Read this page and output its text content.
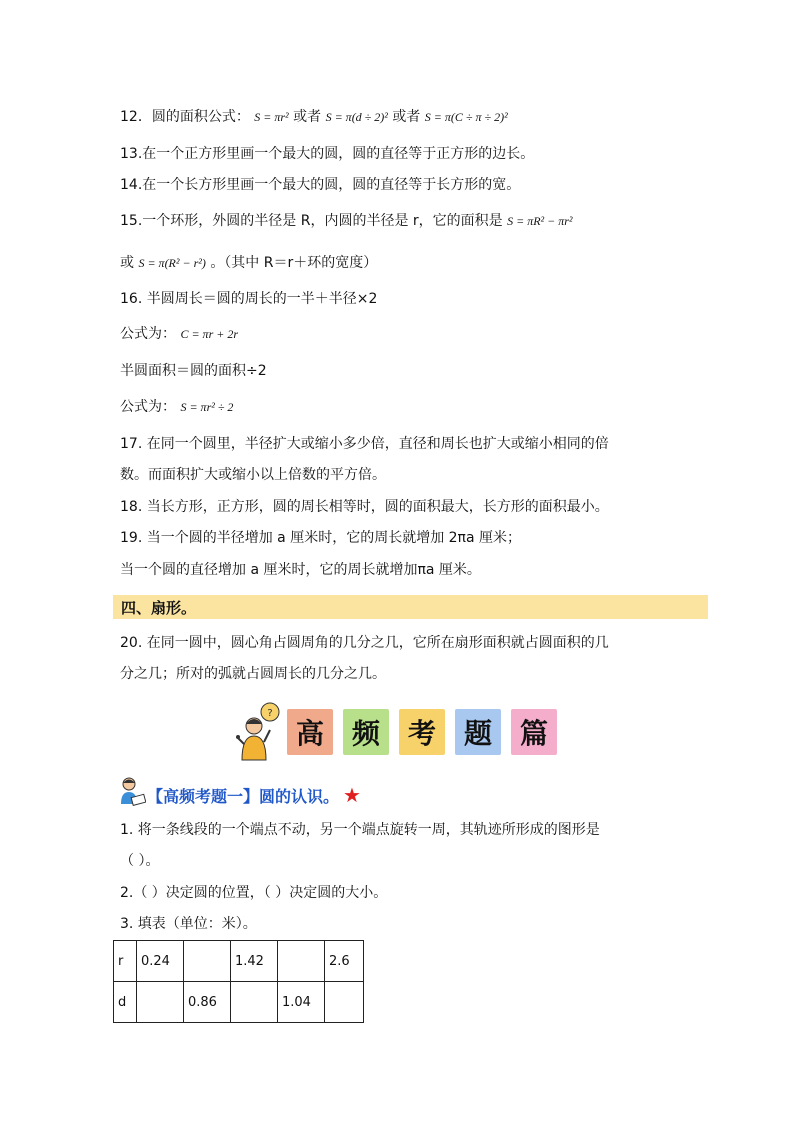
12．圆的面积公式： S = πr² 或者 S = π(d ÷ 2)² 或者 S = π(C ÷ π ÷ 2)²
13.在一个正方形里画一个最大的圆，圆的直径等于正方形的边长。
14.在一个长方形里画一个最大的圆，圆的直径等于长方形的宽。
15.一个环形，外圆的半径是 R，内圆的半径是 r，它的面积是 S = πR² − πr²
或 S = π(R² − r²) 。（其中 R＝r＋环的宽度）
16. 半圆周长＝圆的周长的一半＋半径×2
公式为： C = πr + 2r
半圆面积＝圆的面积÷2
公式为： S = πr² ÷ 2
17. 在同一个圆里，半径扩大或缩小多少倍，直径和周长也扩大或缩小相同的倍
数。而面积扩大或缩小以上倍数的平方倍。
18. 当长方形，正方形，圆的周长相等时，圆的面积最大，长方形的面积最小。
19. 当一个圆的半径增加 a 厘米时，它的周长就增加 2πa 厘米；
当一个圆的直径增加 a 厘米时，它的周长就增加πa 厘米。
四、扇形。
20. 在同一圆中，圆心角占圆周角的几分之几，它所在扇形面积就占圆面积的几
分之几；所对的弧就占圆周长的几分之几。
?
高 频 考 题 篇
【高频考题一】圆的认识。 ★
1. 将一条线段的一个端点不动，另一个端点旋转一周，其轨迹所形成的图形是
（ ）。
2.（ ）决定圆的位置，（ ）决定圆的大小。
3. 填表（单位：米）。
r	0.24		1.42		2.6
d		0.86		1.04	
